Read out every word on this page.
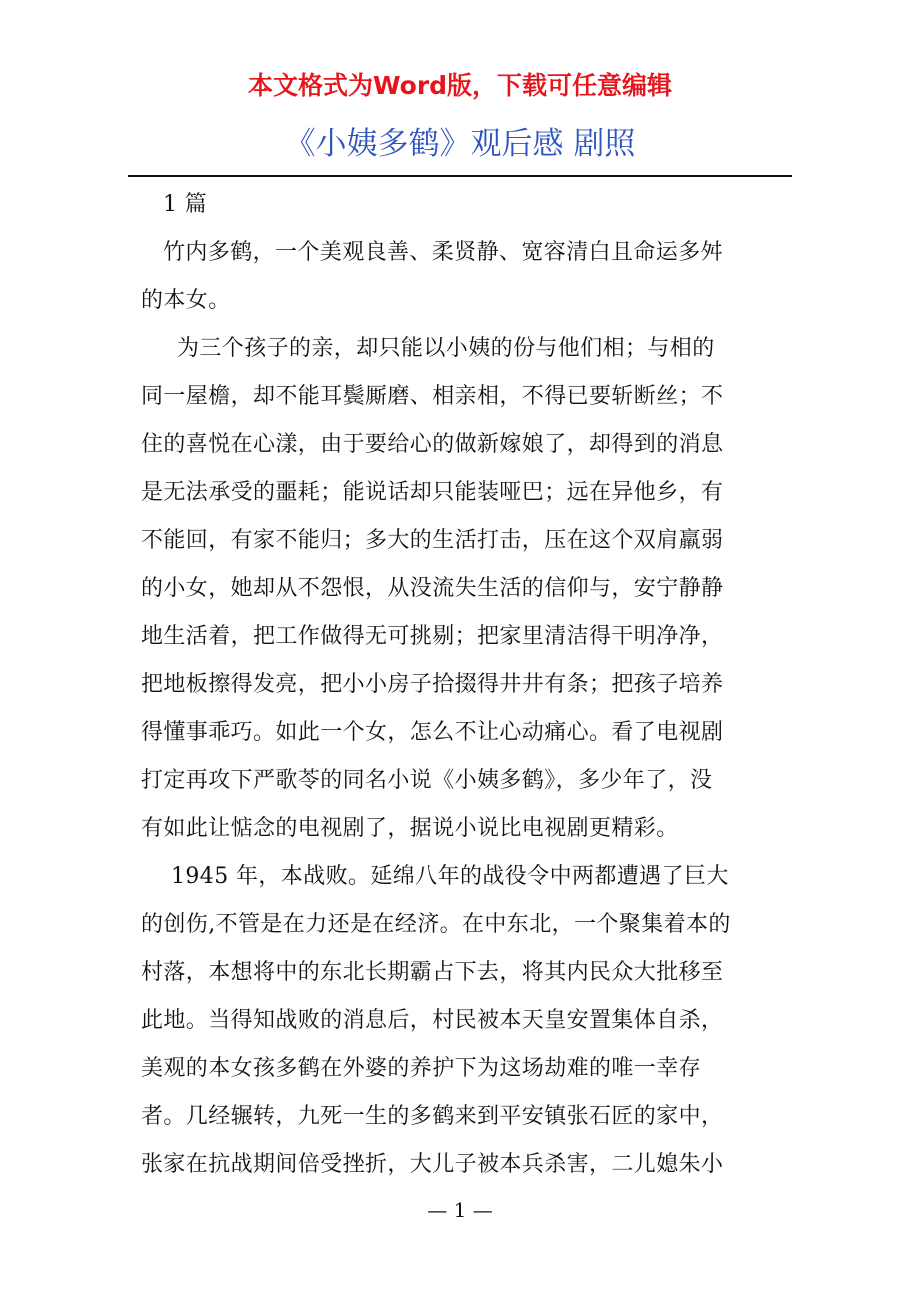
本文格式为Word版，下载可任意编辑
《小姨多鹤》观后感 剧照
1 篇
竹内多鹤，一个美观良善、柔贤静、宽容清白且命运多舛
的本女。
为三个孩子的亲，却只能以小姨的份与他们相；与相的
同一屋檐，却不能耳鬓厮磨、相亲相，不得已要斩断丝；不
住的喜悦在心漾，由于要给心的做新嫁娘了，却得到的消息
是无法承受的噩耗；能说话却只能装哑巴；远在异他乡，有
不能回，有家不能归；多大的生活打击，压在这个双肩羸弱
的小女，她却从不怨恨，从没流失生活的信仰与，安宁静静
地生活着，把工作做得无可挑剔；把家里清洁得干明净净，
把地板擦得发亮，把小小房子拾掇得井井有条；把孩子培养
得懂事乖巧。如此一个女，怎么不让心动痛心。看了电视剧
打定再攻下严歌苓的同名小说《小姨多鹤》，多少年了，没
有如此让惦念的电视剧了，据说小说比电视剧更精彩。
1945 年，本战败。延绵八年的战役令中两都遭遇了巨大
的创伤,不管是在力还是在经济。在中东北，一个聚集着本的
村落，本想将中的东北长期霸占下去，将其内民众大批移至
此地。当得知战败的消息后，村民被本天皇安置集体自杀，
美观的本女孩多鹤在外婆的养护下为这场劫难的唯一幸存
者。几经辗转，九死一生的多鹤来到平安镇张石匠的家中，
张家在抗战期间倍受挫折，大儿子被本兵杀害，二儿媳朱小
— 1 —
